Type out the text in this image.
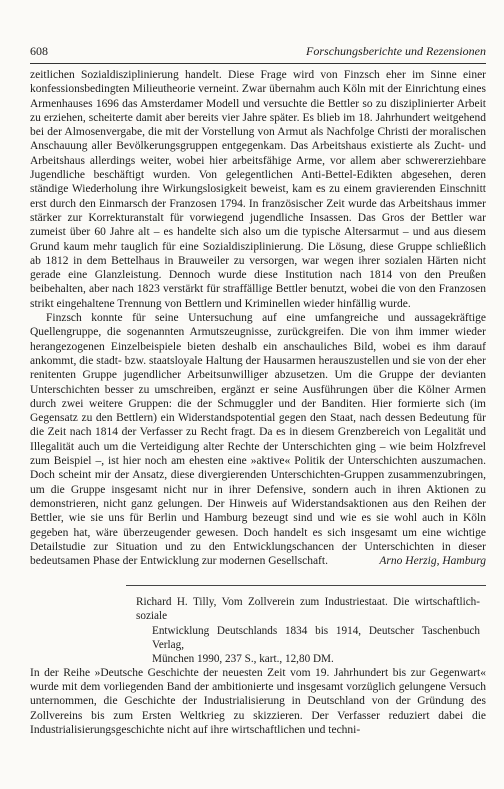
608	Forschungsberichte und Rezensionen

zeitlichen Sozialdisziplinierung handelt. Diese Frage wird von Finzsch eher im Sinne einer konfessionsbedingten Milieutheorie verneint. Zwar übernahm auch Köln mit der Einrichtung eines Armenhauses 1696 das Amsterdamer Modell und versuchte die Bettler so zu disziplinierter Arbeit zu erziehen, scheiterte damit aber bereits vier Jahre später. Es blieb im 18. Jahrhundert weitgehend bei der Almosenvergabe, die mit der Vorstellung von Armut als Nachfolge Christi der moralischen Anschauung aller Bevölkerungsgruppen entgegenkam. Das Arbeitshaus existierte als Zucht- und Arbeitshaus allerdings weiter, wobei hier arbeitsfähige Arme, vor allem aber schwererziehbare Jugendliche beschäftigt wurden. Von gelegentlichen Anti-Bettel-Edikten abgesehen, deren ständige Wiederholung ihre Wirkungslosigkeit beweist, kam es zu einem gravierenden Einschnitt erst durch den Einmarsch der Franzosen 1794. In französischer Zeit wurde das Arbeitshaus immer stärker zur Korrekturanstalt für vorwiegend jugendliche Insassen. Das Gros der Bettler war zumeist über 60 Jahre alt – es handelte sich also um die typische Altersarmut – und aus diesem Grund kaum mehr tauglich für eine Sozialdisziplinierung. Die Lösung, diese Gruppe schließlich ab 1812 in dem Bettelhaus in Brauweiler zu versorgen, war wegen ihrer sozialen Härten nicht gerade eine Glanzleistung. Dennoch wurde diese Institution nach 1814 von den Preußen beibehalten, aber nach 1823 verstärkt für straffällige Bettler benutzt, wobei die von den Franzosen strikt eingehaltene Trennung von Bettlern und Kriminellen wieder hinfällig wurde.

Finzsch konnte für seine Untersuchung auf eine umfangreiche und aussagekräftige Quellengruppe, die sogenannten Armutszeugnisse, zurückgreifen. Die von ihm immer wieder herangezogenen Einzelbeispiele bieten deshalb ein anschauliches Bild, wobei es ihm darauf ankommt, die stadt- bzw. staatsloyale Haltung der Hausarmen herauszustellen und sie von der eher renitenten Gruppe jugendlicher Arbeitsunwilliger abzusetzen. Um die Gruppe der devianten Unterschichten besser zu umschreiben, ergänzt er seine Ausführungen über die Kölner Armen durch zwei weitere Gruppen: die der Schmuggler und der Banditen. Hier formierte sich (im Gegensatz zu den Bettlern) ein Widerstandspotential gegen den Staat, nach dessen Bedeutung für die Zeit nach 1814 der Verfasser zu Recht fragt. Da es in diesem Grenzbereich von Legalität und Illegalität auch um die Verteidigung alter Rechte der Unterschichten ging – wie beim Holzfrevel zum Beispiel –, ist hier noch am ehesten eine »aktive« Politik der Unterschichten auszumachen. Doch scheint mir der Ansatz, diese divergierenden Unterschichten-Gruppen zusammenzubringen, um die Gruppe insgesamt nicht nur in ihrer Defensive, sondern auch in ihren Aktionen zu demonstrieren, nicht ganz gelungen. Der Hinweis auf Widerstandsaktionen aus den Reihen der Bettler, wie sie uns für Berlin und Hamburg bezeugt sind und wie es sie wohl auch in Köln gegeben hat, wäre überzeugender gewesen. Doch handelt es sich insgesamt um eine wichtige Detailstudie zur Situation und zu den Entwicklungschancen der Unterschichten in dieser bedeutsamen Phase der Entwicklung zur modernen Gesellschaft.	Arno Herzig, Hamburg

Richard H. Tilly, Vom Zollverein zum Industriestaat. Die wirtschaftlich-soziale
Entwicklung Deutschlands 1834 bis 1914, Deutscher Taschenbuch Verlag,
München 1990, 237 S., kart., 12,80 DM.

In der Reihe »Deutsche Geschichte der neuesten Zeit vom 19. Jahrhundert bis zur Gegenwart« wurde mit dem vorliegenden Band der ambitionierte und insgesamt vorzüglich gelungene Versuch unternommen, die Geschichte der Industrialisierung in Deutschland von der Gründung des Zollvereins bis zum Ersten Weltkrieg zu skizzieren. Der Verfasser reduziert dabei die Industrialisierungsgeschichte nicht auf ihre wirtschaftlichen und techni-
